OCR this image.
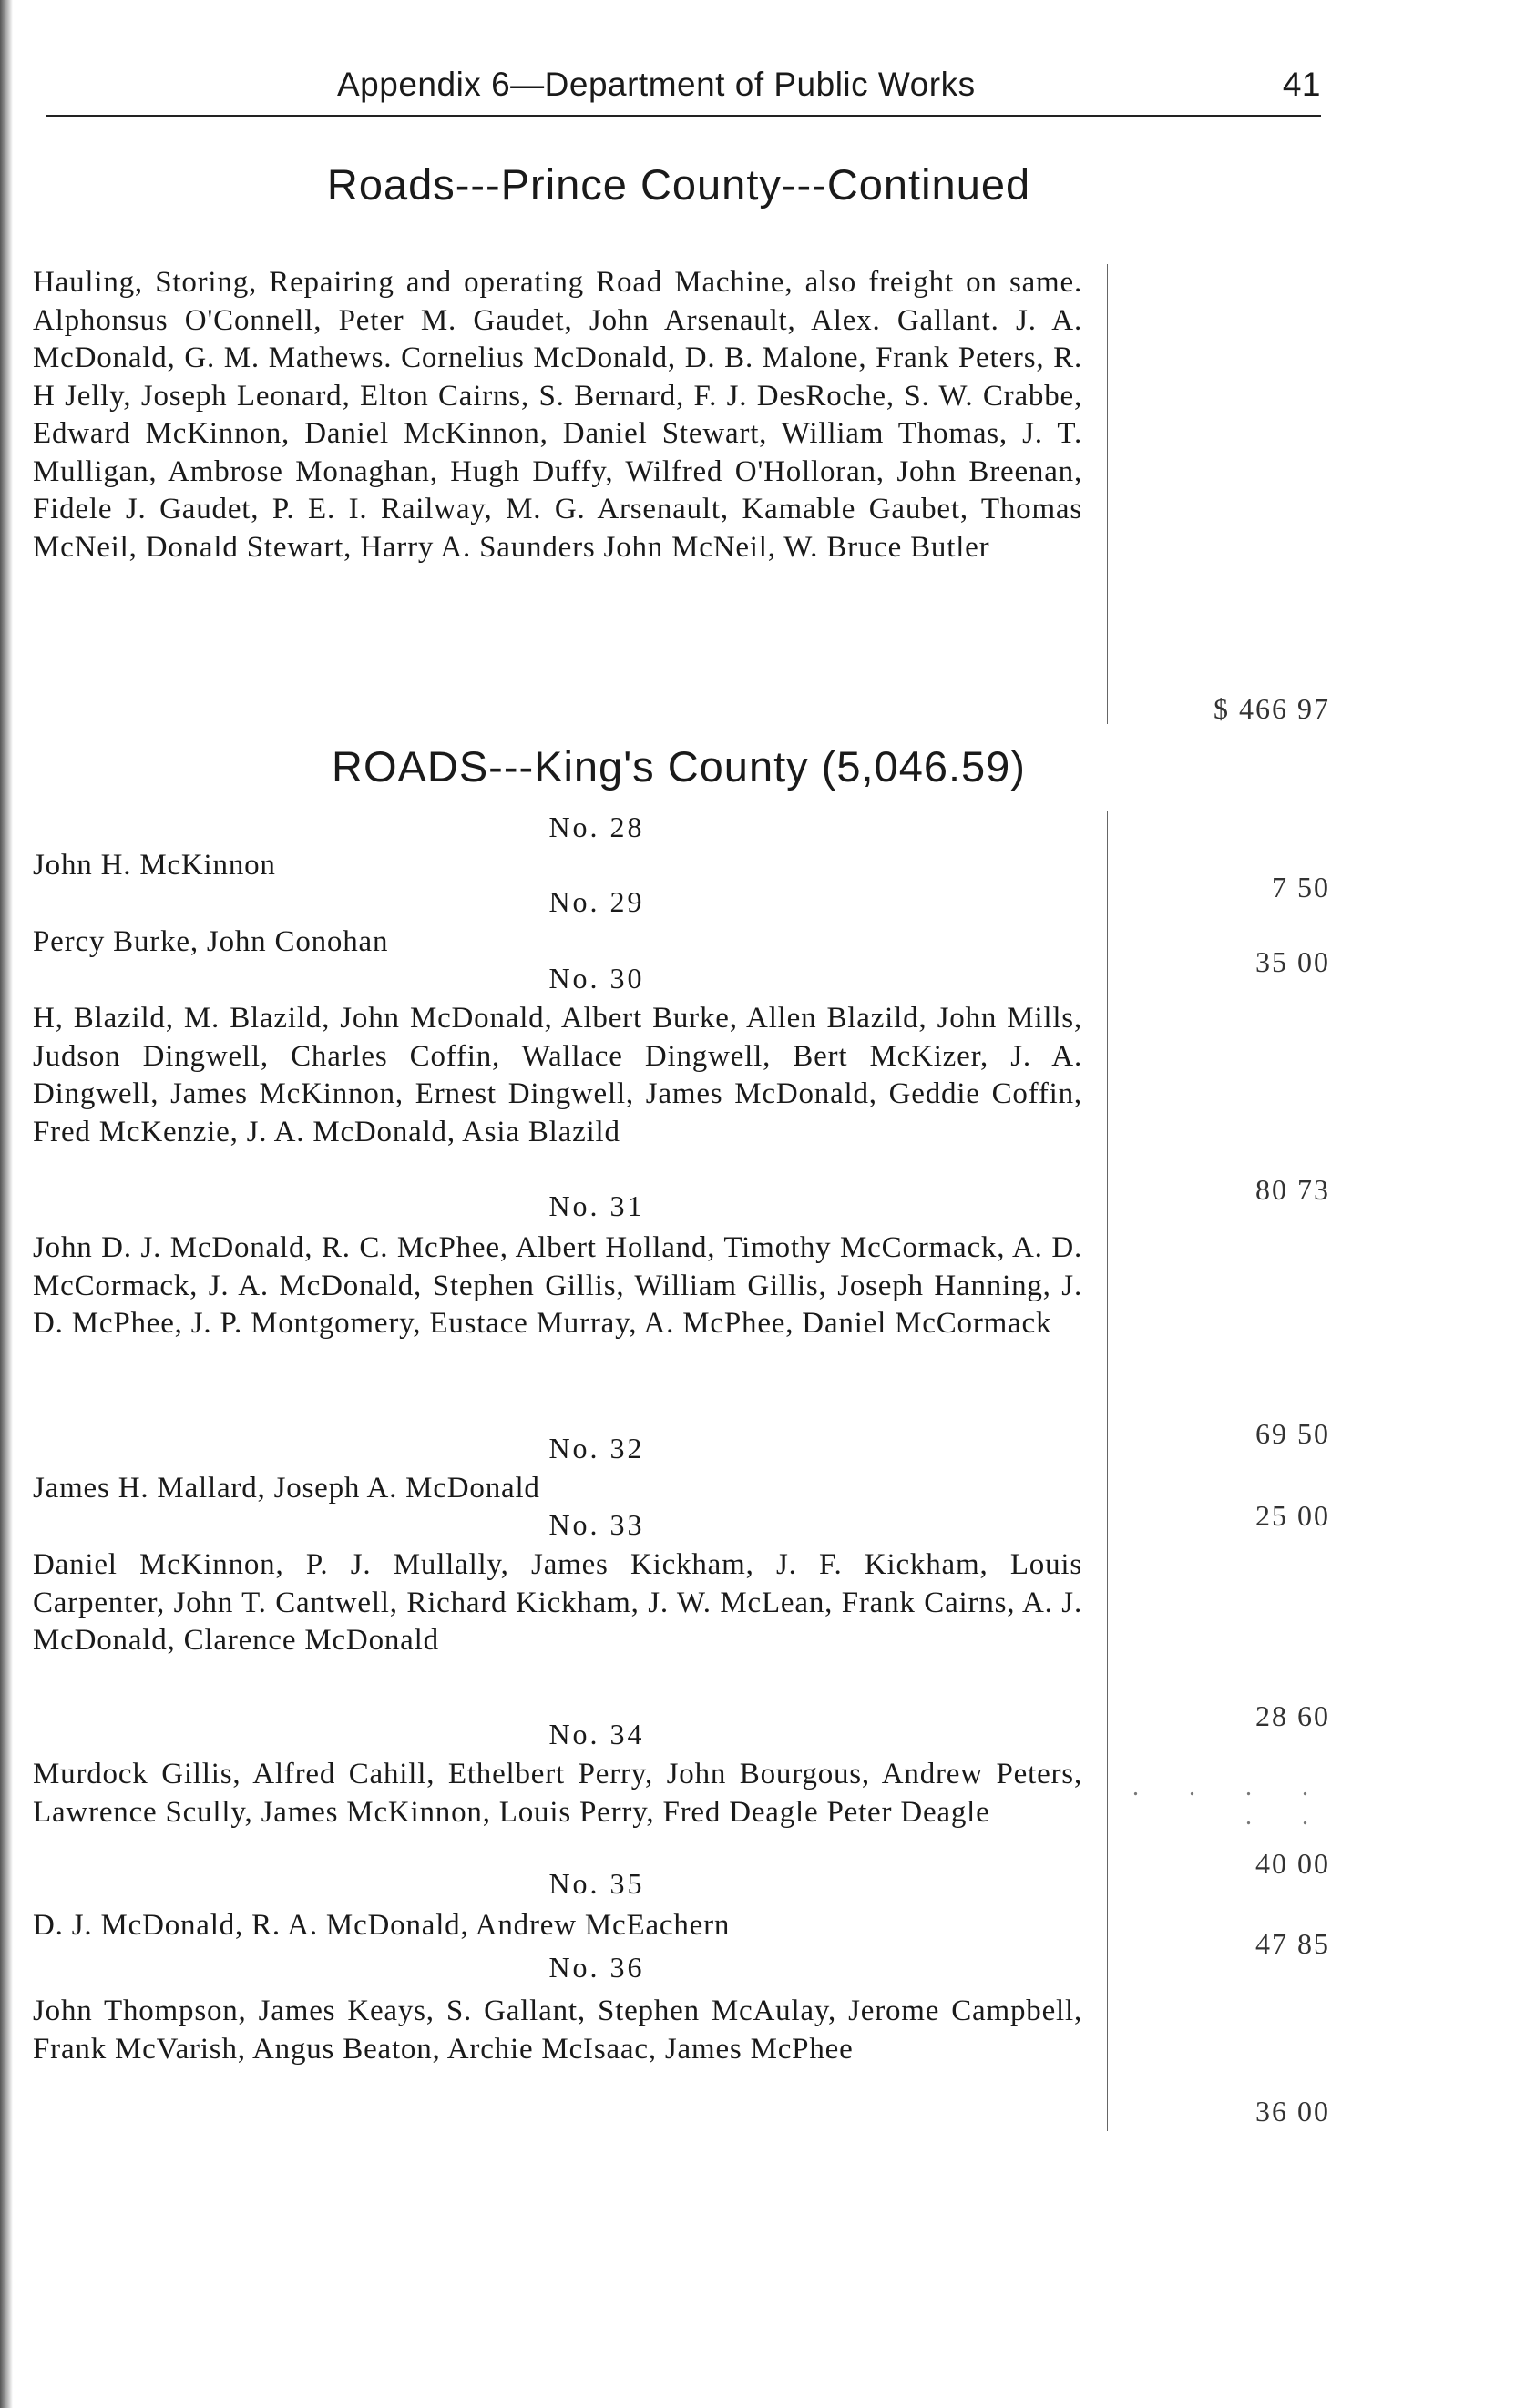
Appendix 6—Department of Public Works	41
Roads---Prince County---Continued
Hauling, Storing, Repairing and operating Road Machine, also freight on same. Alphonsus O'Connell, Peter M. Gaudet, John Arsenault, Alex. Gallant. J. A. McDonald, G. M. Mathews. Cornelius McDonald, D. B. Malone, Frank Peters, R. H Jelly, Joseph Leonard, Elton Cairns, S. Bernard, F. J. DesRoche, S. W. Crabbe, Edward McKinnon, Daniel McKinnon, Daniel Stewart, William Thomas, J. T. Mulligan, Ambrose Monaghan, Hugh Duffy, Wilfred O'Holloran, John Breenan, Fidele J. Gaudet, P. E. I. Railway, M. G. Arsenault, Kamable Gaubet, Thomas McNeil, Donald Stewart, Harry A. Saunders John McNeil, W. Bruce Butler
$ 466 97
ROADS---King's County (5,046.59)
No. 28
John H. McKinnon
7 50
No. 29
Percy Burke, John Conohan
35 00
No. 30
H, Blazild, M. Blazild, John McDonald, Albert Burke, Allen Blazild, John Mills, Judson Dingwell, Charles Coffin, Wallace Dingwell, Bert McKizer, J. A. Dingwell, James McKinnon, Ernest Dingwell, James McDonald, Geddie Coffin, Fred McKenzie, J. A. McDonald, Asia Blazild
80 73
No. 31
John D. J. McDonald, R. C. McPhee, Albert Holland, Timothy McCormack, A. D. McCormack, J. A. McDonald, Stephen Gillis, William Gillis, Joseph Hanning, J. D. McPhee, J. P. Montgomery, Eustace Murray, A. McPhee, Daniel McCormack
69 50
No. 32
James H. Mallard, Joseph A. McDonald
25 00
No. 33
Daniel McKinnon, P. J. Mullally, James Kickham, J. F. Kickham, Louis Carpenter, John T. Cantwell, Richard Kickham, J. W. McLean, Frank Cairns, A. J. McDonald, Clarence McDonald
28 60
No. 34
. . . . . .
Murdock Gillis, Alfred Cahill, Ethelbert Perry, John Bourgous, Andrew Peters, Lawrence Scully, James McKinnon, Louis Perry, Fred Deagle Peter Deagle
40 00
No. 35
D. J. McDonald, R. A. McDonald, Andrew McEachern
47 85
No. 36
John Thompson, James Keays, S. Gallant, Stephen McAulay, Jerome Campbell, Frank McVarish, Angus Beaton, Archie McIsaac, James McPhee
36 00
